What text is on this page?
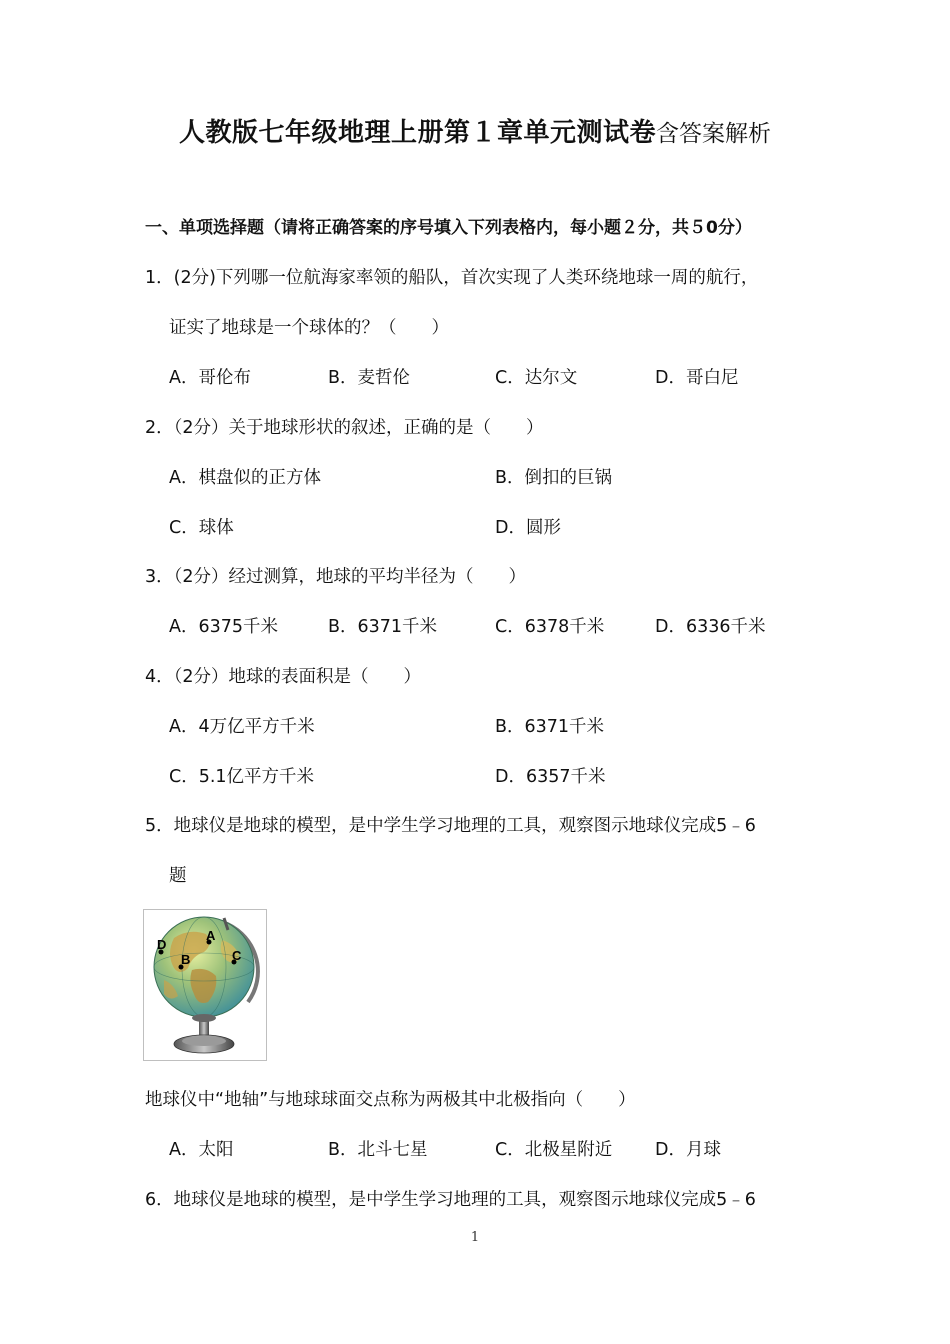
人教版七年级地理上册第１章单元测试卷含答案解析
一、单项选择题（请将正确答案的序号填入下列表格内，每小题２分，共５0分）
1．(2分)下列哪一位航海家率领的船队，首次实现了人类环绕地球一周的航行，
证实了地球是一个球体的？（　　）
A．哥伦布	B．麦哲伦	C．达尔文	D．哥白尼
2．（2分）关于地球形状的叙述，正确的是（　　）
A．棋盘似的正方体	B．倒扣的巨锅
C．球体	D．圆形
3．（2分）经过测算，地球的平均半径为（　　）
A．6375千米	B．6371千米	C．6378千米	D．6336千米
4．（2分）地球的表面积是（　　）
A．4万亿平方千米	B．6371千米
C．5.1亿平方千米	D．6357千米
5．地球仪是地球的模型，是中学生学习地理的工具，观察图示地球仪完成5﹣6
题
D
A
B	C
地球仪中“地轴”与地球球面交点称为两极其中北极指向（　　）
A．太阳	B．北斗七星	C．北极星附近 D．月球
6．地球仪是地球的模型，是中学生学习地理的工具，观察图示地球仪完成5﹣6
1
